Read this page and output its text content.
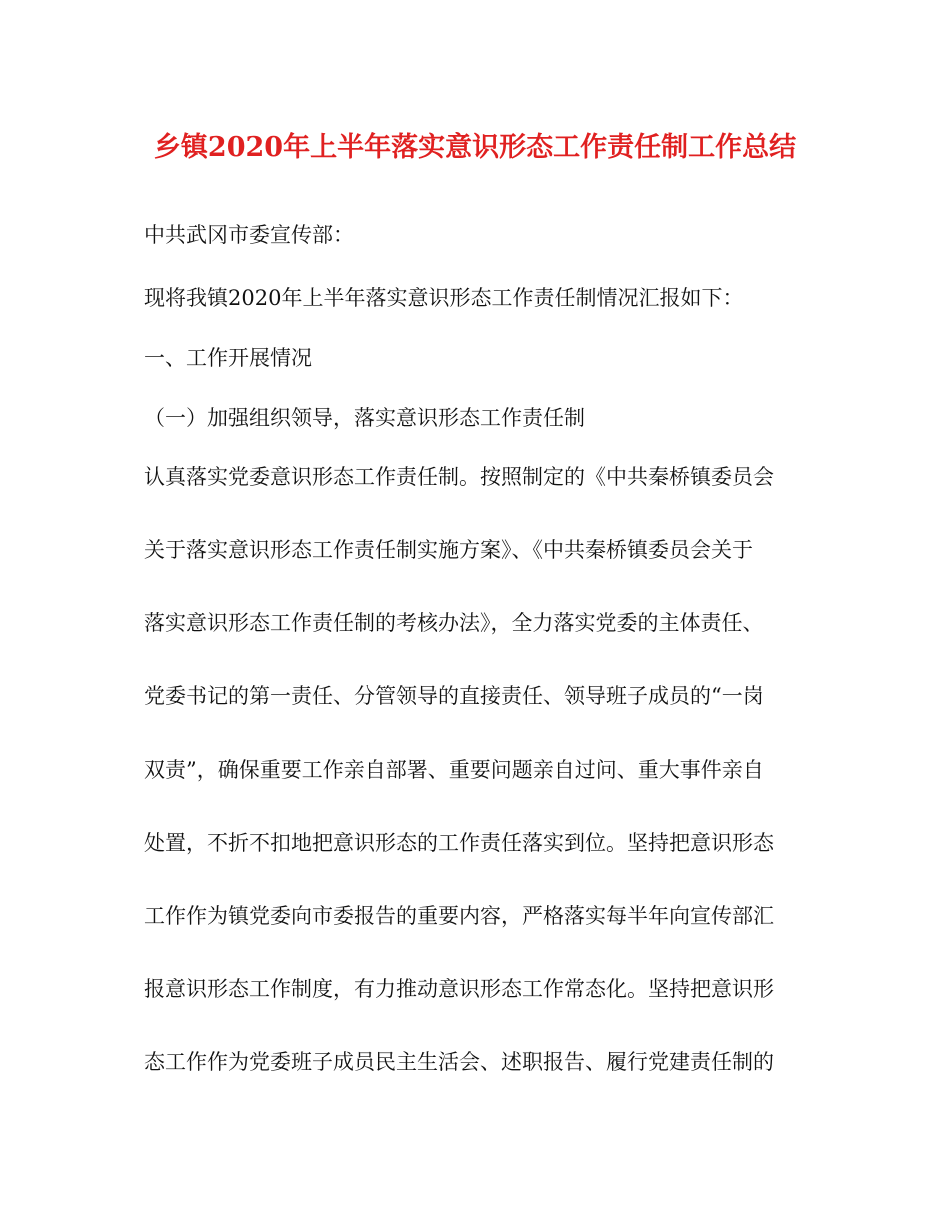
乡镇2020年上半年落实意识形态工作责任制工作总结
中共武冈市委宣传部：
现将我镇2020年上半年落实意识形态工作责任制情况汇报如下：
一、工作开展情况
（一）加强组织领导，落实意识形态工作责任制
认真落实党委意识形态工作责任制。按照制定的《中共秦桥镇委员会
关于落实意识形态工作责任制实施方案》、《中共秦桥镇委员会关于
落实意识形态工作责任制的考核办法》，全力落实党委的主体责任、
党委书记的第一责任、分管领导的直接责任、领导班子成员的“一岗
双责”，确保重要工作亲自部署、重要问题亲自过问、重大事件亲自
处置，不折不扣地把意识形态的工作责任落实到位。坚持把意识形态
工作作为镇党委向市委报告的重要内容，严格落实每半年向宣传部汇
报意识形态工作制度，有力推动意识形态工作常态化。坚持把意识形
态工作作为党委班子成员民主生活会、述职报告、履行党建责任制的
